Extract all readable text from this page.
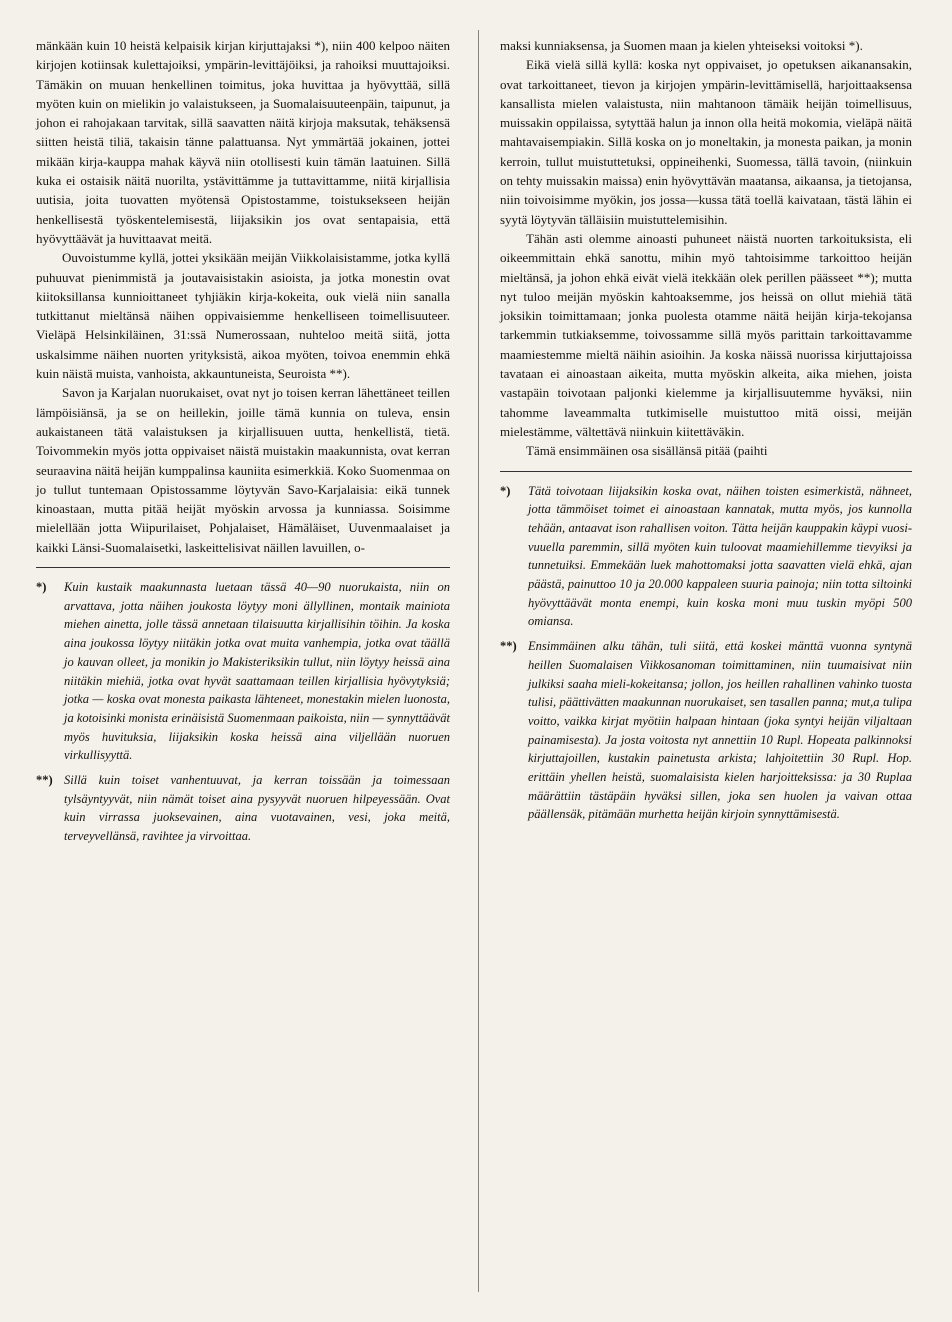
mänkään kuin 10 heistä kelpaisik kirjan kirjuttajaksi *), niin 400 kelpoo näiten kirjojen kotiinsak kulettajoiksi, ympärin-levittäjöiksi, ja rahoiksi muuttajoiksi. Tämäkin on muuan henkellinen toimitus, joka huvittaa ja hyövyttää, sillä myöten kuin on mielikin jo valaistukseen, ja Suomalaisuuteenpäin, taipunut, ja johon ei rahojakaan tarvitak, sillä saavatten näitä kirjoja maksutak, tehäksensä siitten heistä tiliä, takaisin tänne palattuansa. Nyt ymmärtää jokainen, jottei mikään kirja-kauppa mahak käyvä niin otollisesti kuin tämän laatuinen. Sillä kuka ei ostaisik näitä nuorilta, ystävittämme ja tuttavittamme, niitä kirjallisia uutisia, joita tuovatten myötensä Opistostamme, toistuksekseen heijän henkellisestä työskentelemisestä, liijaksikin jos ovat sentapaisia, että hyövyttäävät ja huvittaavat meitä.

Ouvoistumme kyllä, jottei yksikään meijän Viikkolaisistamme, jotka kyllä puhuuvat pienimmistä ja joutavaisistakin asioista, ja jotka monestin ovat kiitoksillansa kunnioittaneet tyhjiäkin kirja-kokeita, ouk vielä niin sanalla tutkittanut mieltänsä näihen oppivaisiemme henkelliseen toimellisuuteer. Vieläpä Helsinkiläinen, 31:ssä Numerossaan, nuhteloo meitä siitä, jotta uskalsimme näihen nuorten yrityksistä, aikoa myöten, toivoa enemmin ehkä kuin näistä muista, vanhoista, akkauntuneista, Seuroista **).

Savon ja Karjalan nuorukaiset, ovat nyt jo toisen kerran lähettäneet teillen lämpöisiänsä, ja se on heillekin, joille tämä kunnia on tuleva, ensin aukaistaneen tätä valaistuksen ja kirjallisuuen uutta, henkellistä, tietä. Toivommekin myös jotta oppivaiset näistä muistakin maakunnista, ovat kerran seuraavina näitä heijän kumppalinsa kauniita esimerkkiä. Koko Suomenmaa on jo tullut tuntemaan Opistossamme löytyvän Savo-Karjalaisia: eikä tunnek kinoastaan, mutta pitää heijät myöskin arvossa ja kunniassa. Soisimme mielellään jotta Wiipurilaiset, Pohjalaiset, Hämäläiset, Uuvenmaalaiset ja kaikki Länsi-Suomalaisetki, laskeittelisivat näillen lavuillen, o-

*)	Kuin kustaik maakunnasta luetaan tässä 40—90 nuorukaista, niin on arvattava, jotta näihen joukosta löytyy moni ällyllinen, montaik mainiota miehen ainetta, jolle tässä annetaan tilaisuutta kirjallisihin töihin. Ja koska aina joukossa löytyy niitäkin jotka ovat muita vanhempia, jotka ovat täällä jo kauvan olleet, ja monikin jo Makisteriksikin tullut, niin löytyy heissä aina niitäkin miehiä, jotka ovat hyvät saattamaan teillen kirjallisia hyövytyksiä; jotka — koska ovat monesta paikasta lähteneet, monestakin mielen luonosta, ja kotoisinki monista erinäisistä Suomenmaan paikoista, niin — synnyttäävät myös huvituksia, liijaksikin koska heissä aina viljellään nuoruen virkullisyyttä.
**) Sillä kuin toiset vanhentuuvat, ja kerran toissään ja toimessaan tylsäyntyyvät, niin nämät toiset aina pysyyvät nuoruen hilpeyessään. Ovat kuin virrassa juoksevainen, aina vuotavainen, vesi, joka meitä, terveyvellänsä, ravihtee ja virvoittaa.

maksi kunniaksensa, ja Suomen maan ja kielen yhteiseksi voitoksi *).

Eikä vielä sillä kyllä: koska nyt oppivaiset, jo opetuksen aikanansakin, ovat tarkoittaneet, tievon ja kirjojen ympärin-levittämisellä, harjoittaaksensa kansallista mielen valaistusta, niin mahtanoon tämäik heijän toimellisuus, muissakin oppilaissa, sytyttää halun ja innon olla heitä mokomia, vieläpä näitä mahtavaisempiakin. Sillä koska on jo moneltakin, ja monesta paikan, ja monin kerroin, tullut muistuttetuksi, oppineihenki, Suomessa, tällä tavoin, (niinkuin on tehty muissakin maissa) enin hyövyttävän maatansa, aikaansa, ja tietojansa, niin toivoisimme myökin, jos jossa—kussa tätä toellä kaivataan, tästä lähin ei syytä löytyvän tälläisiin muistuttelemisihin.

Tähän asti olemme ainoasti puhuneet näistä nuorten tarkoituksista, eli oikeemmittain ehkä sanottu, mihin myö tahtoisimme tarkoittoo heijän mieltänsä, ja johon ehkä eivät vielä itekkään olek perillen päässeet **); mutta nyt tuloo meijän myöskin kahtoaksemme, jos heissä on ollut miehiä tätä joksikin toimittamaan; jonka puolesta otamme näitä heijän kirja-tekojansa tarkemmin tutkiaksemme, toivossamme sillä myös parittain tarkoittavamme maamiestemme mieltä näihin asioihin. Ja koska näissä nuorissa kirjuttajoissa tavataan ei ainoastaan aikeita, mutta myöskin alkeita, aika miehen, joista vastapäin toivotaan paljonki kielemme ja kirjallisuutemme hyväksi, niin tahomme laveammalta tutkimiselle muistuttoo mitä oissi, meijän mielestämme, vältettävä niinkuin kiitettäväkin.

Tämä ensimmäinen osa sisällänsä pitää (paihti

*)	Tätä toivotaan liijaksikin koska ovat, näihen toisten esimerkistä, nähneet, jotta tämmöiset toimet ei ainoastaan kannatak, mutta myös, jos kunnolla tehään, antaavat ison rahallisen voiton. Tätta heijän kauppakin käypi vuosi-vuuella paremmin, sillä myöten kuin tuloovat maamiehillemme tievyiksi ja tunnetuiksi. Emmekään luek mahottomaksi jotta saavatten vielä ehkä, ajan päästä, painuttoo 10 ja 20.000 kappaleen suuria painoja; niin totta siltoinki hyövyttäävät monta enempi, kuin koska moni muu tuskin myöpi 500 omiansa.
**) Ensimmäinen alku tähän, tuli siitä, että koskei mänttä vuonna syntynä heillen Suomalaisen Viikkosanoman toimittaminen, niin tuumaisivat niin julkiksi saaha mieli-kokeitansa; jollon, jos heillen rahallinen vahinko tuosta tulisi, päättivätten maakunnan nuorukaiset, sen tasallen panna; mut,a tulipa voitto, vaikka kirjat myötiin halpaan hintaan (joka syntyi heijän viljaltaan painamisesta). Ja josta voitosta nyt annettiin 10 Rupl. Hopeata palkinnoksi kirjuttajoillen, kustakin painetusta arkista; lahjoitettiin 30 Rupl. Hop. erittäin yhellen heistä, suomalaisista kielen harjoitteksissa: ja 30 Ruplaa määrättiin tästäpäin hyväksi sillen, joka sen huolen ja vaivan ottaa päällensäk, pitämään murhetta heijän kirjoin synnyttämisestä.
